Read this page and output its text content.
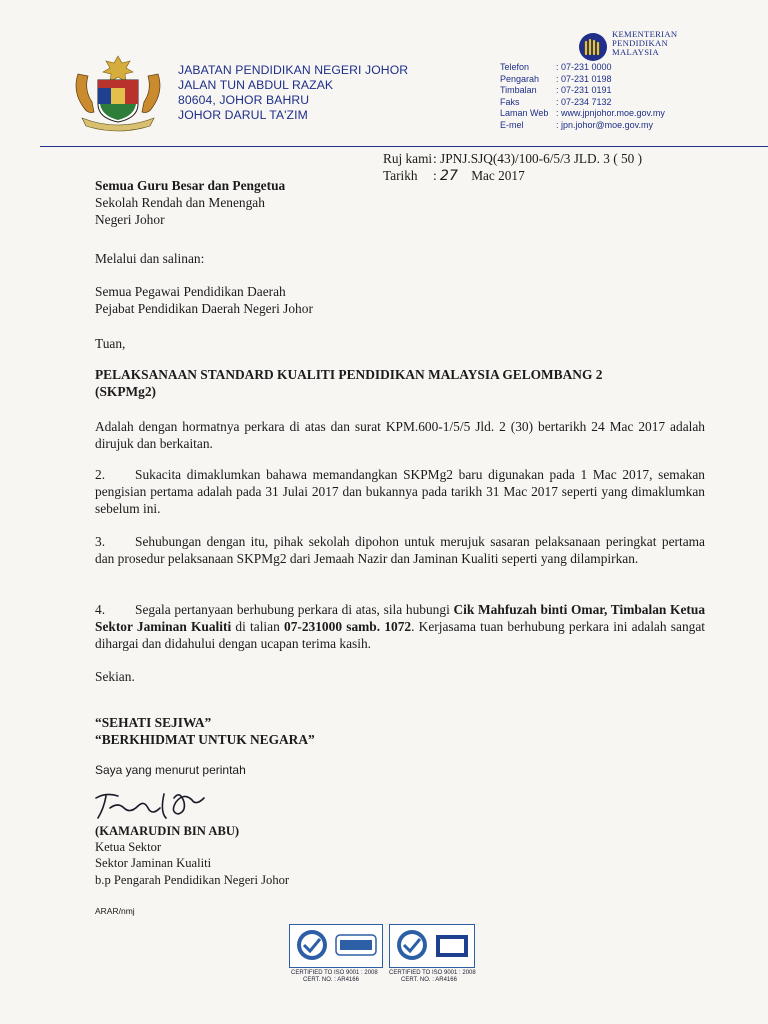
JABATAN PENDIDIKAN NEGERI JOHOR
JALAN TUN ABDUL RAZAK
80604, JOHOR BAHRU
JOHOR DARUL TA'ZIM
KEMENTERIAN
PENDIDIKAN
MALAYSIA
Telefon	: 07-231 0000
Pengarah	: 07-231 0198
Timbalan	: 07-231 0191
Faks	: 07-234 7132
Laman Web : www.jpnjohor.moe.gov.my
E-mel	: jpn.johor@moe.gov.my
Ruj kami: JPNJ.SJQ(43)/100-6/5/3 JLD. 3 ( 50 )
Tarikh : 27 Mac 2017
Semua Guru Besar dan Pengetua
Sekolah Rendah dan Menengah
Negeri Johor
Melalui dan salinan:
Semua Pegawai Pendidikan Daerah
Pejabat Pendidikan Daerah Negeri Johor
Tuan,
PELAKSANAAN STANDARD KUALITI PENDIDIKAN MALAYSIA GELOMBANG 2
(SKPMg2)
Adalah dengan hormatnya perkara di atas dan surat KPM.600-1/5/5 Jld. 2 (30) bertarikh 24 Mac 2017 adalah dirujuk dan berkaitan.
2. Sukacita dimaklumkan bahawa memandangkan SKPMg2 baru digunakan pada 1 Mac 2017, semakan pengisian pertama adalah pada 31 Julai 2017 dan bukannya pada tarikh 31 Mac 2017 seperti yang dimaklumkan sebelum ini.
3. Sehubungan dengan itu, pihak sekolah dipohon untuk merujuk sasaran pelaksanaan peringkat pertama dan prosedur pelaksanaan SKPMg2 dari Jemaah Nazir dan Jaminan Kualiti seperti yang dilampirkan.
4. Segala pertanyaan berhubung perkara di atas, sila hubungi Cik Mahfuzah binti Omar, Timbalan Ketua Sektor Jaminan Kualiti di talian 07-231000 samb. 1072. Kerjasama tuan berhubung perkara ini adalah sangat dihargai dan didahului dengan ucapan terima kasih.
Sekian.
“SEHATI SEJIWA”
“BERKHIDMAT UNTUK NEGARA”
Saya yang menurut perintah
(KAMARUDIN BIN ABU)
Ketua Sektor
Sektor Jaminan Kualiti
b.p Pengarah Pendidikan Negeri Johor
ARAR/nmj
CERTIFIED TO ISO 9001 : 2008
CERT. NO. : AR4166
CERTIFIED TO ISO 9001 : 2008
CERT. NO. : AR4166
